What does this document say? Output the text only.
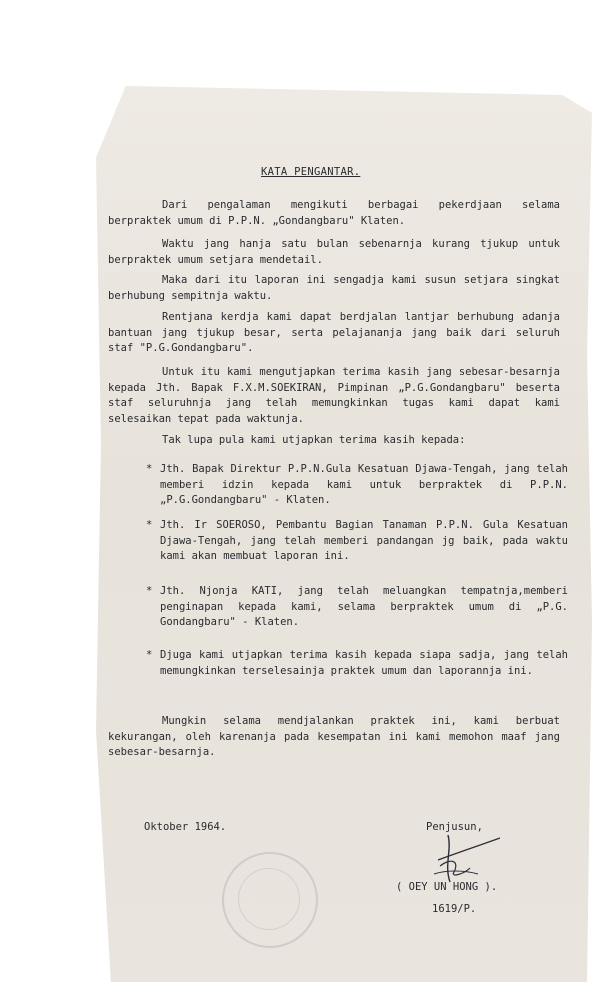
KATA PENGANTAR.

Dari pengalaman mengikuti berbagai pekerdjaan selama berpraktek umum di P.P.N. „Gondangbaru" Klaten.

Waktu jang hanja satu bulan sebenarnja kurang tjukup untuk berpraktek umum setjara mendetail.

Maka dari itu laporan ini sengadja kami susun setjara singkat berhubung sempitnja waktu.

Rentjana kerdja kami dapat berdjalan lantjar berhubung adanja bantuan jang tjukup besar, serta pelajananja jang baik dari seluruh staf "P.G.Gondangbaru".

Untuk itu kami mengutjapkan terima kasih jang sebesar-besarnja kepada Jth. Bapak F.X.M.SOEKIRAN, Pimpinan „P.G.Gondangbaru" beserta staf seluruhnja jang telah memungkinkan tugas kami dapat kami selesaikan tepat pada waktunja.

Tak lupa pula kami utjapkan terima kasih kepada:

* Jth. Bapak Direktur P.P.N.Gula Kesatuan Djawa-Tengah, jang telah memberi idzin kepada kami untuk berpraktek di P.P.N. „P.G.Gondangbaru" - Klaten.
* Jth. Ir SOEROSO, Pembantu Bagian Tanaman P.P.N. Gula Kesatuan Djawa-Tengah, jang telah memberi pandangan jg baik, pada waktu kami akan membuat laporan ini.
* Jth. Njonja KATI, jang telah meluangkan tempatnja,memberi penginapan kepada kami, selama berpraktek umum di „P.G. Gondangbaru" - Klaten.
* Djuga kami utjapkan terima kasih kepada siapa sadja, jang telah memungkinkan terselesainja praktek umum dan laporannja ini.

Mungkin selama mendjalankan praktek ini, kami berbuat kekurangan, oleh karenanja pada kesempatan ini kami memohon maaf jang sebesar-besarnja.

Oktober 1964.	Penjusun,
( OEY UN HONG ).
1619/P.
